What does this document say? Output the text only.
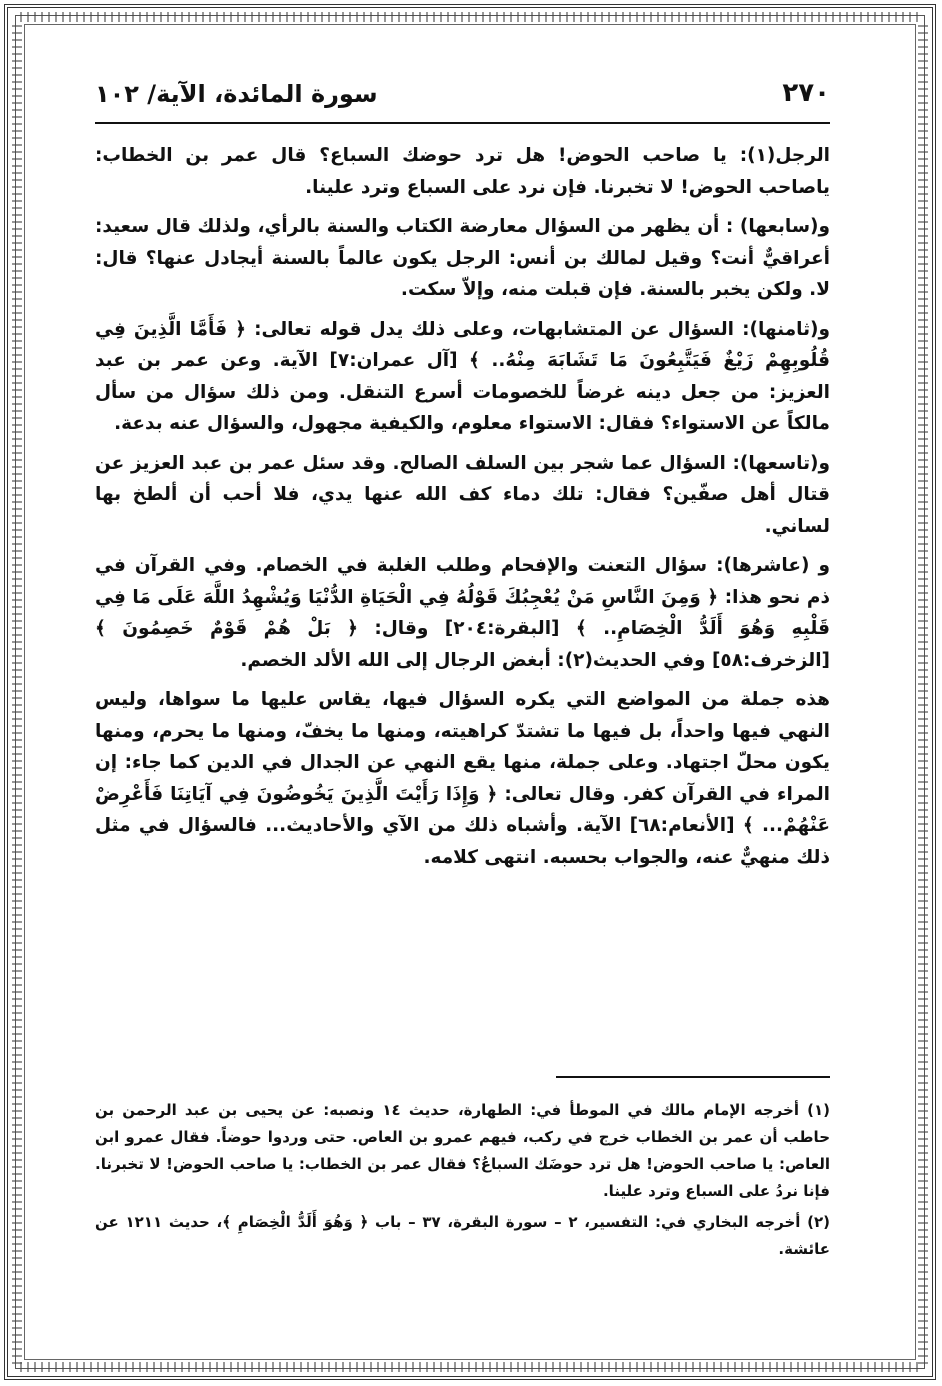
٢٧٠
سورة المائدة، الآية/ ١٠٢

الرجل(١): يا صاحب الحوض! هل ترد حوضك السباع؟ قال عمر بن الخطاب: ياصاحب الحوض! لا تخبرنا. فإن نرد على السباع وترد علينا.

و(سابعها) : أن يظهر من السؤال معارضة الكتاب والسنة بالرأي، ولذلك قال سعيد: أعراقيٌّ أنت؟ وقيل لمالك بن أنس: الرجل يكون عالماً بالسنة أيجادل عنها؟ قال: لا. ولكن يخبر بالسنة. فإن قبلت منه، وإلاّ سكت.

و(ثامنها): السؤال عن المتشابهات، وعلى ذلك يدل قوله تعالى: ﴿ فَأَمَّا الَّذِينَ فِي قُلُوبِهِمْ زَيْغٌ فَيَتَّبِعُونَ مَا تَشَابَهَ مِنْهُ.. ﴾ [آل عمران:٧] الآية. وعن عمر بن عبد العزيز: من جعل دينه غرضاً للخصومات أسرع التنقل. ومن ذلك سؤال من سأل مالكاً عن الاستواء؟ فقال: الاستواء معلوم، والكيفية مجهول، والسؤال عنه بدعة.

و(تاسعها): السؤال عما شجر بين السلف الصالح. وقد سئل عمر بن عبد العزيز عن قتال أهل صفّين؟ فقال: تلك دماء كف الله عنها يدي، فلا أحب أن ألطخ بها لساني.

و (عاشرها): سؤال التعنت والإفحام وطلب الغلبة في الخصام. وفي القرآن في ذم نحو هذا: ﴿ وَمِنَ النَّاسِ مَنْ يُعْجِبُكَ قَوْلُهُ فِي الْحَيَاةِ الدُّنْيَا وَيُشْهِدُ اللَّهَ عَلَى مَا فِي قَلْبِهِ وَهُوَ أَلَدُّ الْخِصَامِ.. ﴾ [البقرة:٢٠٤] وقال: ﴿ بَلْ هُمْ قَوْمٌ خَصِمُونَ ﴾ [الزخرف:٥٨] وفي الحديث(٢): أبغض الرجال إلى الله الألد الخصم.

هذه جملة من المواضع التي يكره السؤال فيها، يقاس عليها ما سواها، وليس النهي فيها واحداً، بل فيها ما تشتدّ كراهيته، ومنها ما يخفّ، ومنها ما يحرم، ومنها يكون محلّ اجتهاد. وعلى جملة، منها يقع النهي عن الجدال في الدين كما جاء: إن المراء في القرآن كفر. وقال تعالى: ﴿ وَإِذَا رَأَيْتَ الَّذِينَ يَخُوضُونَ فِي آيَاتِنَا فَأَعْرِضْ عَنْهُمْ... ﴾ [الأنعام:٦٨] الآية. وأشباه ذلك من الآي والأحاديث... فالسؤال في مثل ذلك منهيٌّ عنه، والجواب بحسبه. انتهى كلامه.

(١) أخرجه الإمام مالك في الموطأ في: الطهارة، حديث ١٤ ونصبه: عن يحيى بن عبد الرحمن بن حاطب أن عمر بن الخطاب خرج في ركب، فيهم عمرو بن العاص. حتى وردوا حوضاً. فقال عمرو ابن العاص: يا صاحب الحوض! هل ترد حوضَك السباعُ؟ فقال عمر بن الخطاب: يا صاحب الحوض! لا تخبرنا. فإنا نردُ على السباع وترد علينا.

(٢) أخرجه البخاري في: التفسير، ٢ – سورة البقرة، ٣٧ – باب ﴿ وَهُوَ أَلَدُّ الْخِصَامِ ﴾، حديث ١٢١١ عن عائشة.
